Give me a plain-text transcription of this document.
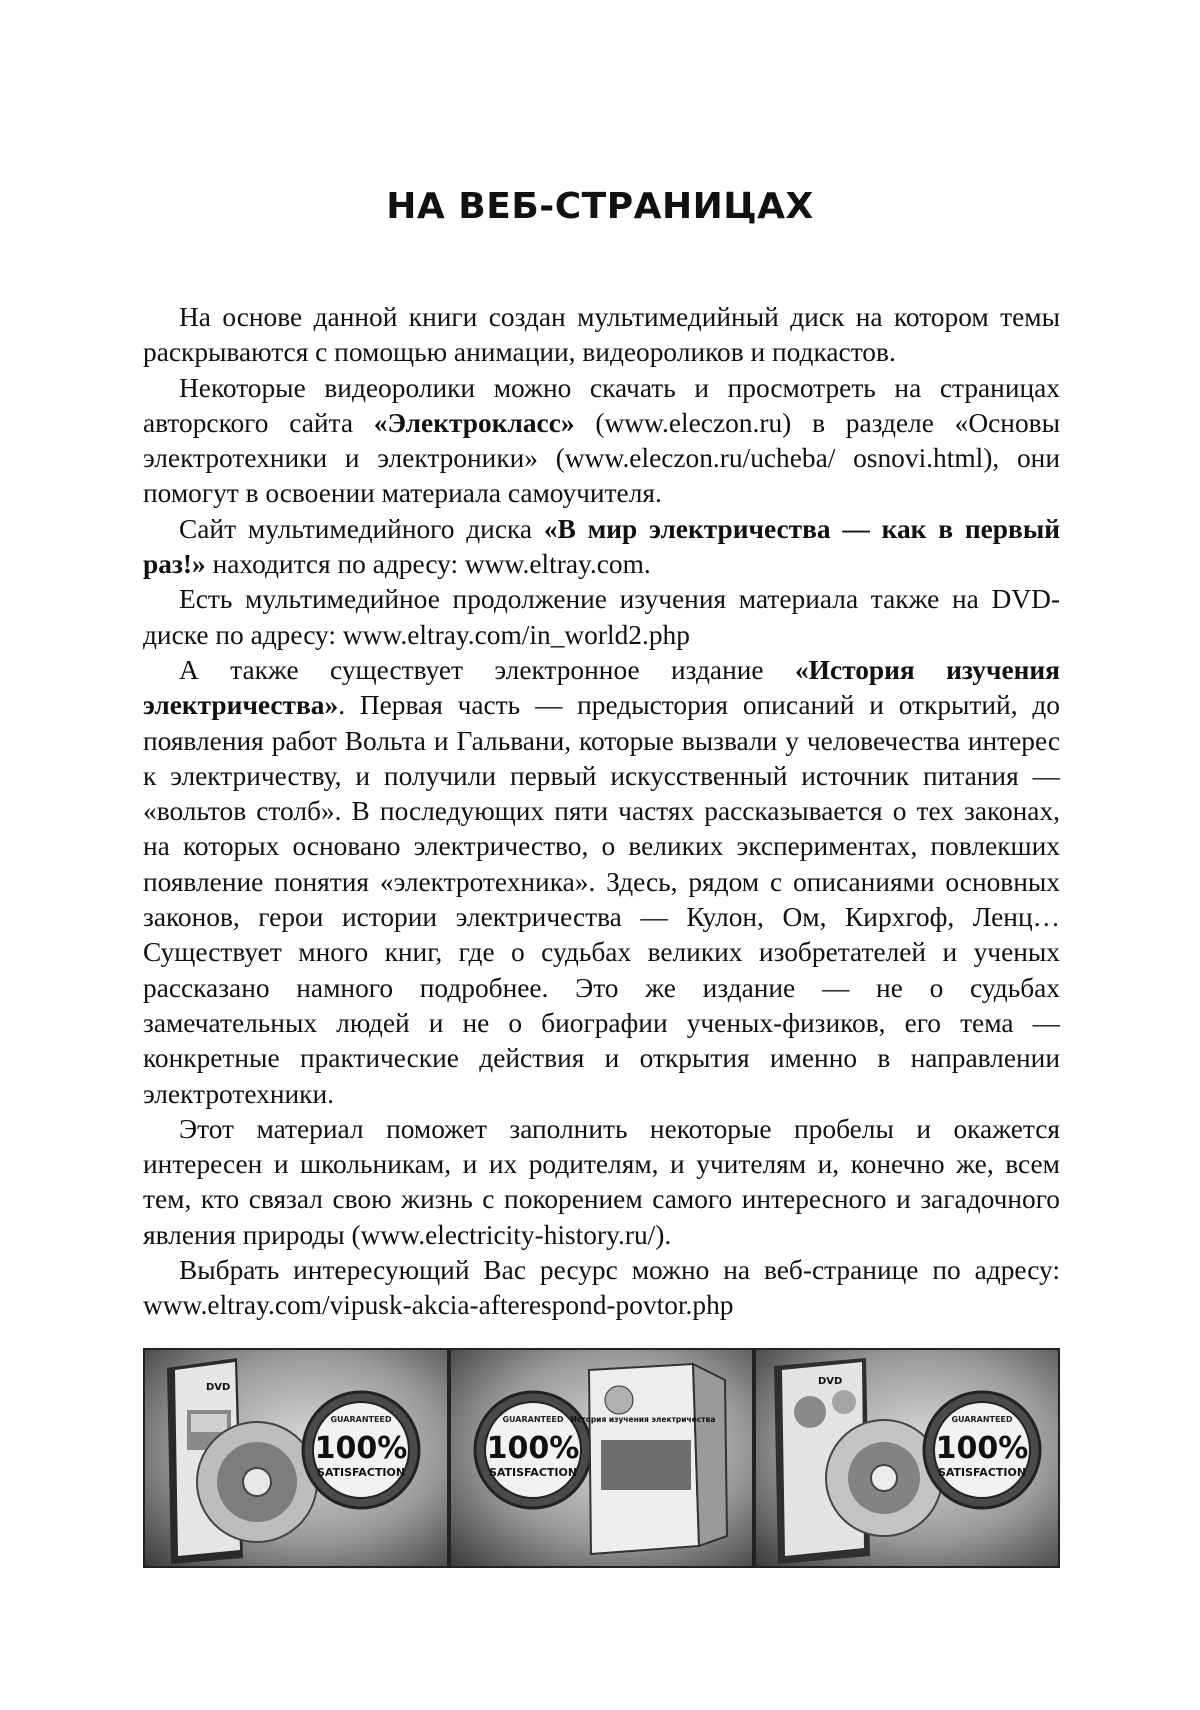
НА ВЕБ-СТРАНИЦАХ

На основе данной книги создан мультимедийный диск на котором темы раскрываются с помощью анимации, видеороликов и подкастов.

Некоторые видеоролики можно скачать и просмотреть на страницах авторского сайта «Электрокласс» (www.eleczon.ru) в разделе «Основы электротехники и электроники» (www.eleczon.ru/ucheba/ osnovi.html), они помогут в освоении материала самоучителя.

Сайт мультимедийного диска «В мир электричества — как в первый раз!» находится по адресу: www.eltray.com.

Есть мультимедийное продолжение изучения материала также на DVD-диске по адресу: www.eltray.com/in_world2.php

А также существует электронное издание «История изучения электричества». Первая часть — предыстория описаний и открытий, до появления работ Вольта и Гальвани, которые вызвали у человечества интерес к электричеству, и получили первый искусственный источник питания — «вольтов столб». В последующих пяти частях рассказывается о тех законах, на которых основано электричество, о великих экспериментах, повлекших появление понятия «электротехника». Здесь, рядом с описаниями основных законов, герои истории электричества — Кулон, Ом, Кирхгоф, Ленц… Существует много книг, где о судьбах великих изобретателей и ученых рассказано намного подробнее. Это же издание — не о судьбах замечательных людей и не о биографии ученых-физиков, его тема — конкретные практические действия и открытия именно в направлении электротехники.

Этот материал поможет заполнить некоторые пробелы и окажется интересен и школьникам, и их родителям, и учителям и, конечно же, всем тем, кто связал свою жизнь с покорением самого интересного и загадочного явления природы (www.electricity-history.ru/).

Выбрать интересующий Вас ресурс можно на веб-странице по адресу: www.eltray.com/vipusk-akcia-afterespond-povtor.php

DVD
GUARANTEED
100%
SATISFACTION
GUARANTEED
100%
SATISFACTION
История изучения электричества
DVD
GUARANTEED
100%
SATISFACTION
